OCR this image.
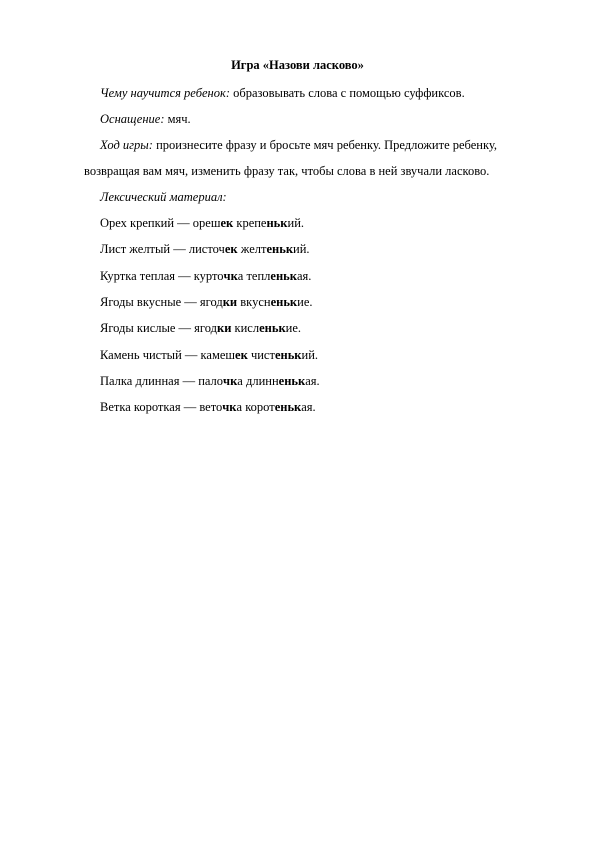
Игра «Назови ласково»

Чему научится ребенок: образовывать слова с помощью суффиксов.

Оснащение: мяч.

Ход игры: произнесите фразу и бросьте мяч ребенку. Предложите ребенку, возвращая вам мяч, изменить фразу так, чтобы слова в ней звучали ласково.

Лексический материал:

Орех крепкий — орешек крепенький.
Лист желтый — листочек желтенький.
Куртка теплая — курточка тепленькая.
Ягоды вкусные — ягодки вкусненькие.
Ягоды кислые — ягодки кисленькие.
Камень чистый — камешек чистенький.
Палка длинная — палочка длинненькая.
Ветка короткая — веточка коротенькая.
